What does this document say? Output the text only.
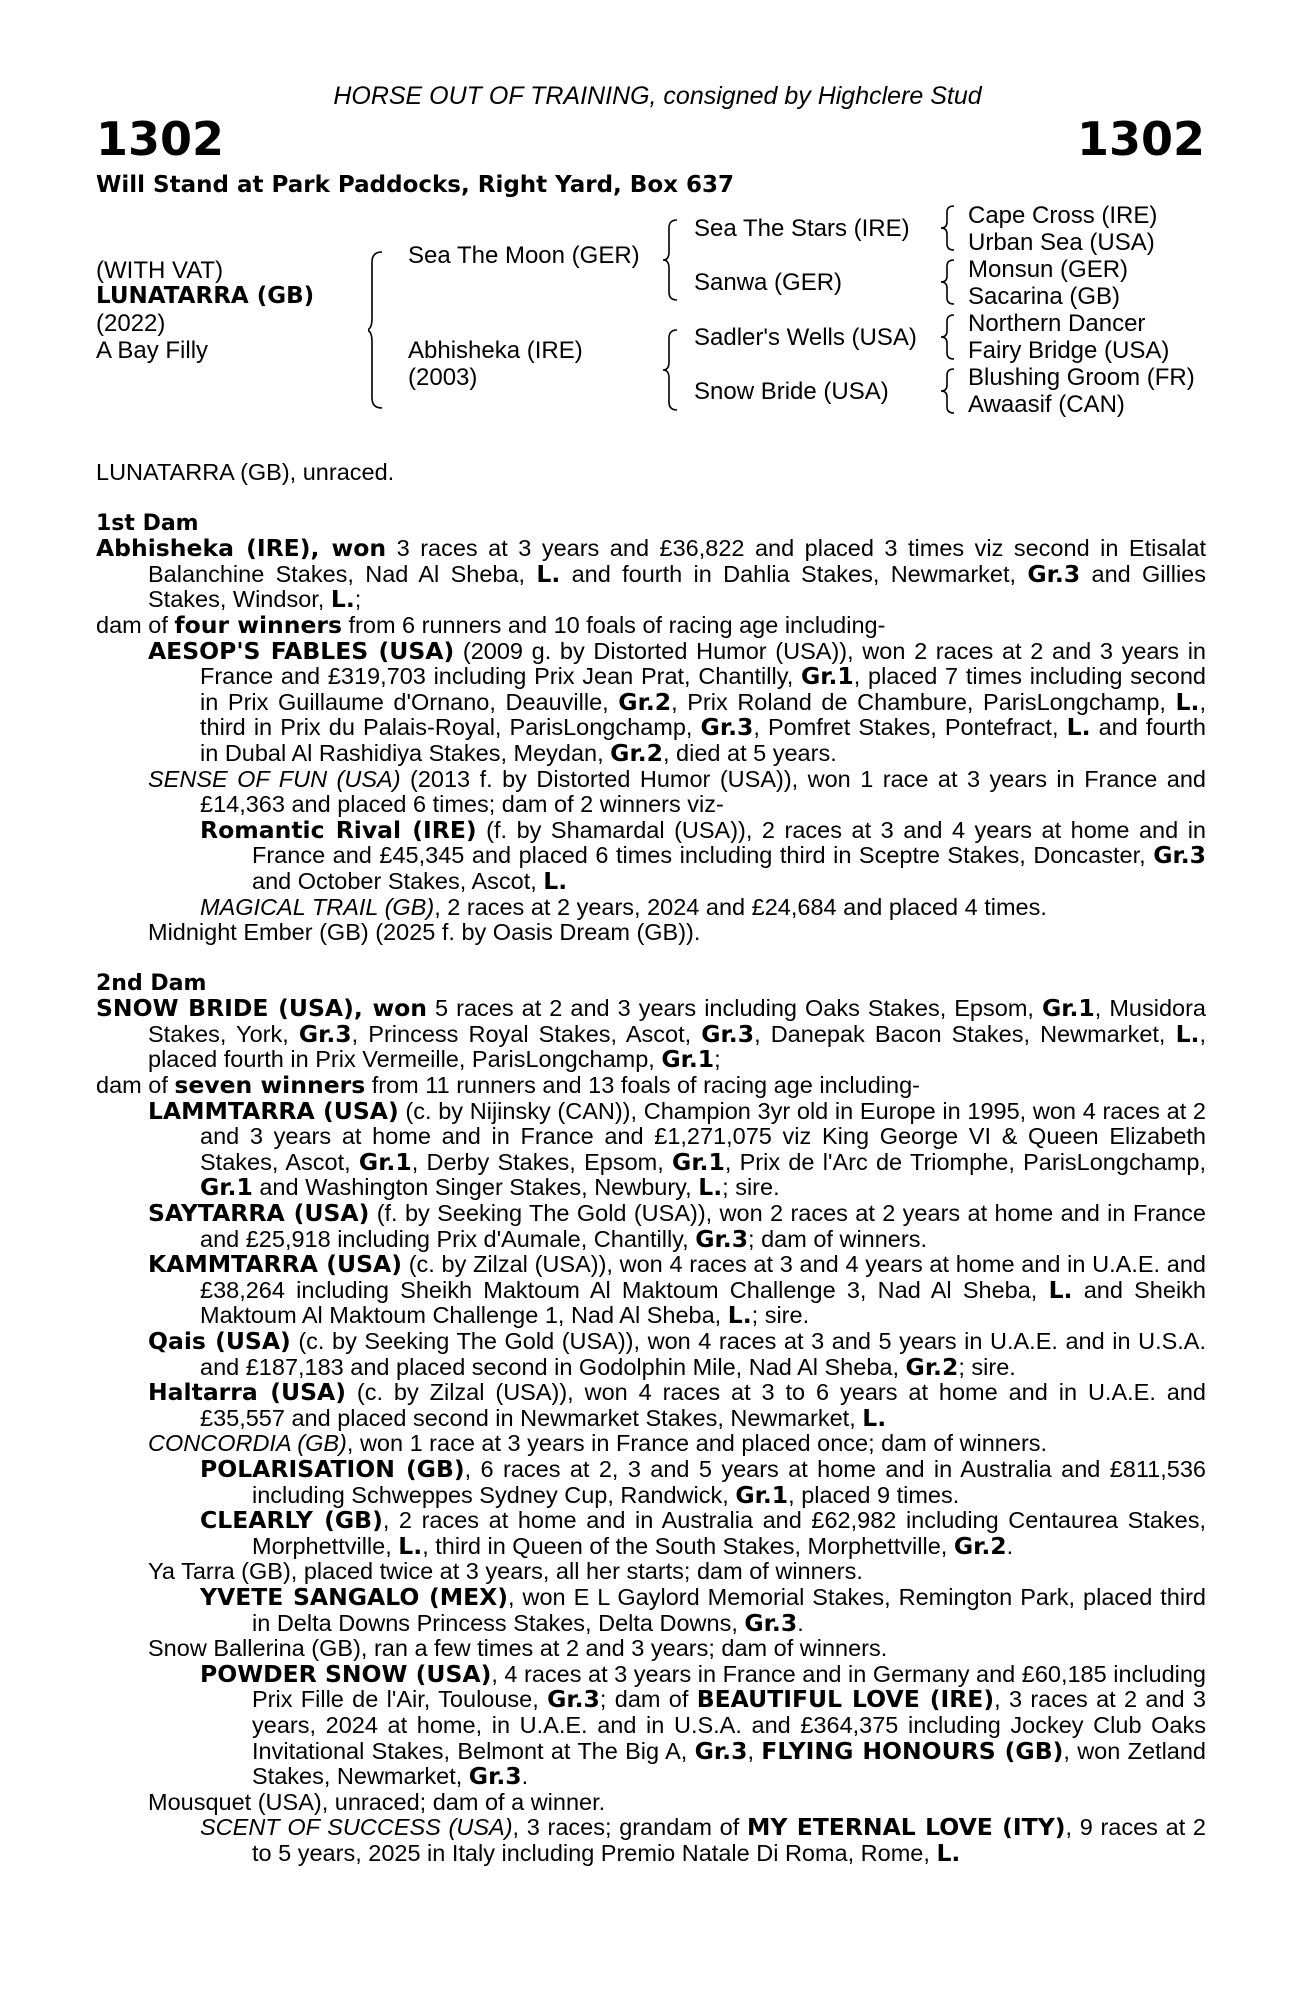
HORSE OUT OF TRAINING, consigned by Highclere Stud
1302	1302
Will Stand at Park Paddocks, Right Yard, Box 637
(WITH VAT)
LUNATARRA (GB)
(2022)
A Bay Filly
Sea The Moon (GER)
Abhisheka (IRE)
(2003)
Sea The Stars (IRE)
Sanwa (GER)
Sadler's Wells (USA)
Snow Bride (USA)
Cape Cross (IRE)
Urban Sea (USA)
Monsun (GER)
Sacarina (GB)
Northern Dancer
Fairy Bridge (USA)
Blushing Groom (FR)
Awaasif (CAN)

LUNATARRA (GB), unraced.

1st Dam

Abhisheka (IRE), won 3 races at 3 years and £36,822 and placed 3 times viz second in Etisalat Balanchine Stakes, Nad Al Sheba, L. and fourth in Dahlia Stakes, Newmarket, Gr.3 and Gillies Stakes, Windsor, L.;

dam of four winners from 6 runners and 10 foals of racing age including-

AESOP'S FABLES (USA) (2009 g. by Distorted Humor (USA)), won 2 races at 2 and 3 years in France and £319,703 including Prix Jean Prat, Chantilly, Gr.1, placed 7 times including second in Prix Guillaume d'Ornano, Deauville, Gr.2, Prix Roland de Chambure, ParisLongchamp, L., third in Prix du Palais-Royal, ParisLongchamp, Gr.3, Pomfret Stakes, Pontefract, L. and fourth in Dubal Al Rashidiya Stakes, Meydan, Gr.2, died at 5 years.

SENSE OF FUN (USA) (2013 f. by Distorted Humor (USA)), won 1 race at 3 years in France and £14,363 and placed 6 times; dam of 2 winners viz-

Romantic Rival (IRE) (f. by Shamardal (USA)), 2 races at 3 and 4 years at home and in France and £45,345 and placed 6 times including third in Sceptre Stakes, Doncaster, Gr.3 and October Stakes, Ascot, L.

MAGICAL TRAIL (GB), 2 races at 2 years, 2024 and £24,684 and placed 4 times.

Midnight Ember (GB) (2025 f. by Oasis Dream (GB)).

2nd Dam

SNOW BRIDE (USA), won 5 races at 2 and 3 years including Oaks Stakes, Epsom, Gr.1, Musidora Stakes, York, Gr.3, Princess Royal Stakes, Ascot, Gr.3, Danepak Bacon Stakes, Newmarket, L., placed fourth in Prix Vermeille, ParisLongchamp, Gr.1;

dam of seven winners from 11 runners and 13 foals of racing age including-

LAMMTARRA (USA) (c. by Nijinsky (CAN)), Champion 3yr old in Europe in 1995, won 4 races at 2 and 3 years at home and in France and £1,271,075 viz King George VI & Queen Elizabeth Stakes, Ascot, Gr.1, Derby Stakes, Epsom, Gr.1, Prix de l'Arc de Triomphe, ParisLongchamp, Gr.1 and Washington Singer Stakes, Newbury, L.; sire.

SAYTARRA (USA) (f. by Seeking The Gold (USA)), won 2 races at 2 years at home and in France and £25,918 including Prix d'Aumale, Chantilly, Gr.3; dam of winners.

KAMMTARRA (USA) (c. by Zilzal (USA)), won 4 races at 3 and 4 years at home and in U.A.E. and £38,264 including Sheikh Maktoum Al Maktoum Challenge 3, Nad Al Sheba, L. and Sheikh Maktoum Al Maktoum Challenge 1, Nad Al Sheba, L.; sire.

Qais (USA) (c. by Seeking The Gold (USA)), won 4 races at 3 and 5 years in U.A.E. and in U.S.A. and £187,183 and placed second in Godolphin Mile, Nad Al Sheba, Gr.2; sire.

Haltarra (USA) (c. by Zilzal (USA)), won 4 races at 3 to 6 years at home and in U.A.E. and £35,557 and placed second in Newmarket Stakes, Newmarket, L.

CONCORDIA (GB), won 1 race at 3 years in France and placed once; dam of winners.

POLARISATION (GB), 6 races at 2, 3 and 5 years at home and in Australia and £811,536 including Schweppes Sydney Cup, Randwick, Gr.1, placed 9 times.

CLEARLY (GB), 2 races at home and in Australia and £62,982 including Centaurea Stakes, Morphettville, L., third in Queen of the South Stakes, Morphettville, Gr.2.

Ya Tarra (GB), placed twice at 3 years, all her starts; dam of winners.

YVETE SANGALO (MEX), won E L Gaylord Memorial Stakes, Remington Park, placed third in Delta Downs Princess Stakes, Delta Downs, Gr.3.

Snow Ballerina (GB), ran a few times at 2 and 3 years; dam of winners.

POWDER SNOW (USA), 4 races at 3 years in France and in Germany and £60,185 including Prix Fille de l'Air, Toulouse, Gr.3; dam of BEAUTIFUL LOVE (IRE), 3 races at 2 and 3 years, 2024 at home, in U.A.E. and in U.S.A. and £364,375 including Jockey Club Oaks Invitational Stakes, Belmont at The Big A, Gr.3, FLYING HONOURS (GB), won Zetland Stakes, Newmarket, Gr.3.

Mousquet (USA), unraced; dam of a winner.

SCENT OF SUCCESS (USA), 3 races; grandam of MY ETERNAL LOVE (ITY), 9 races at 2 to 5 years, 2025 in Italy including Premio Natale Di Roma, Rome, L.
